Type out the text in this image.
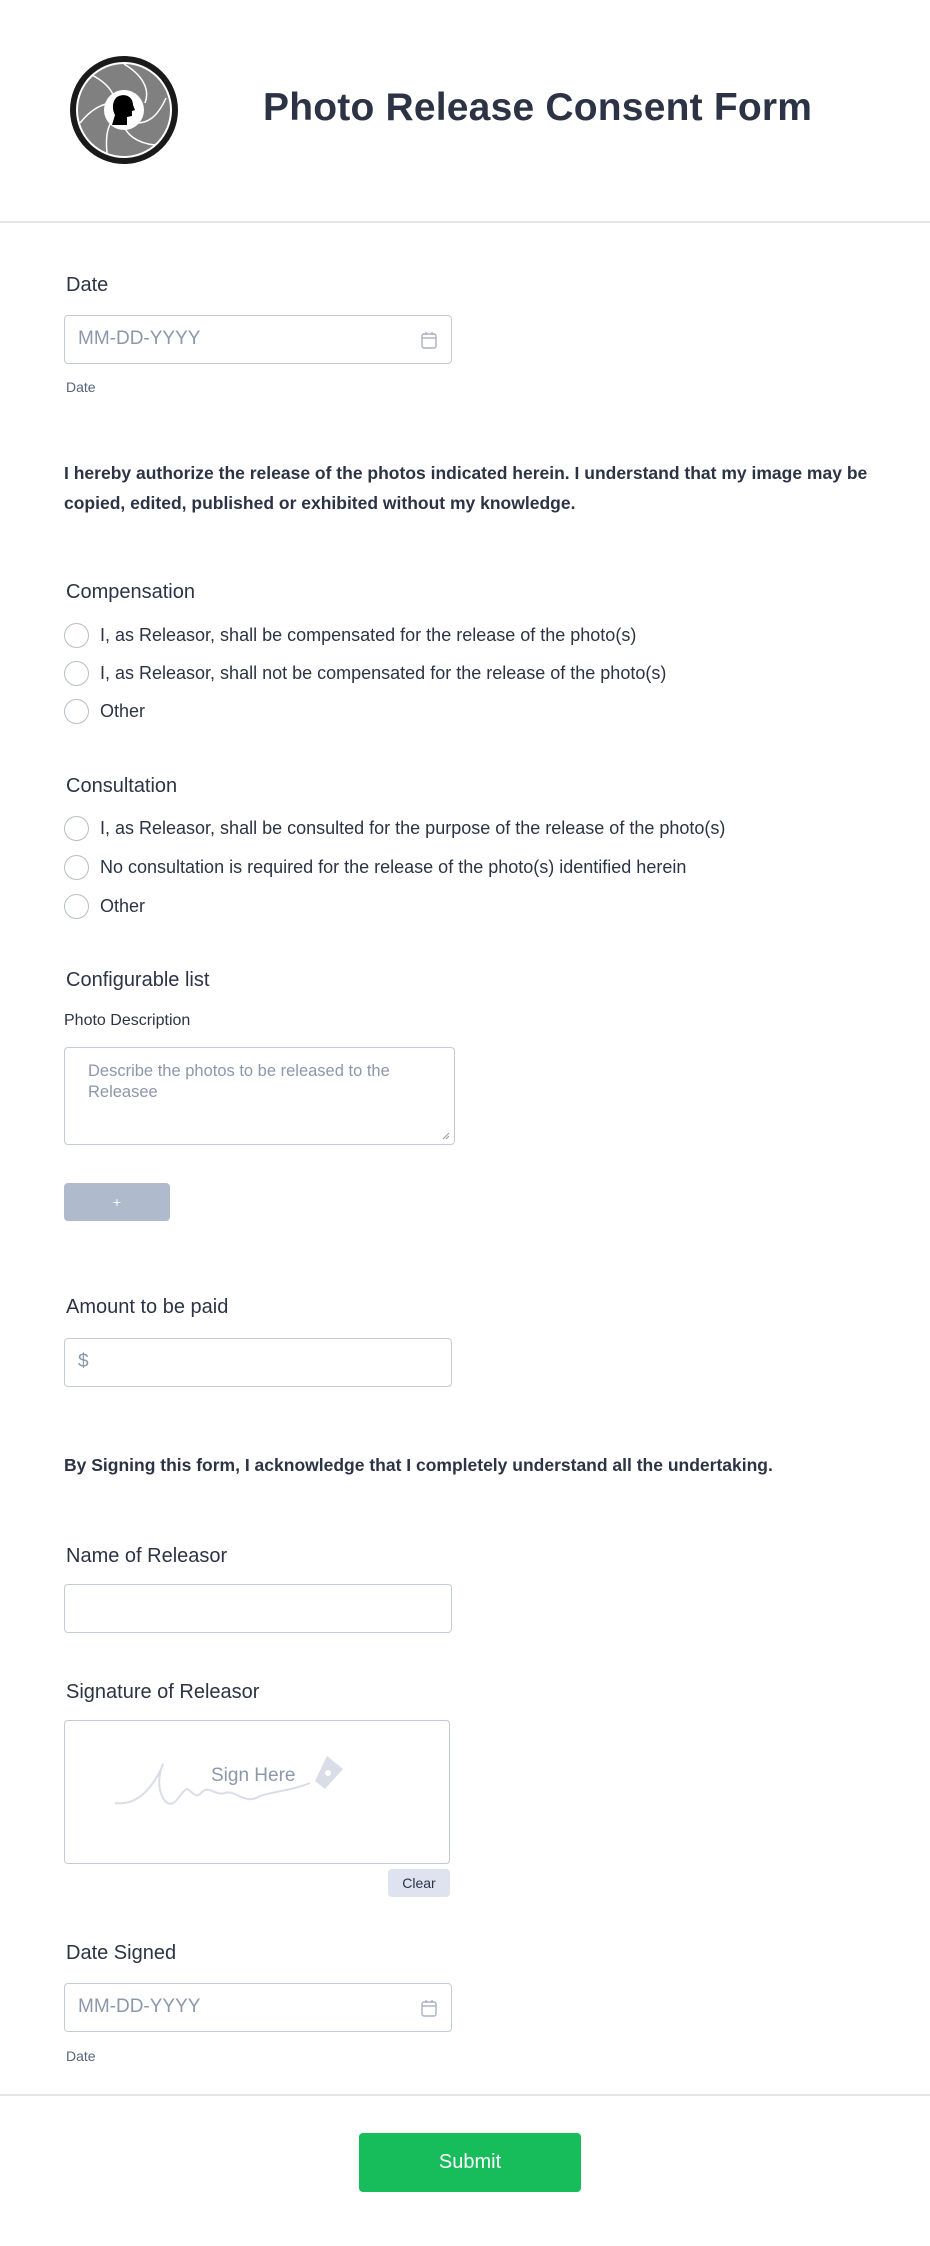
Photo Release Consent Form
Date
MM-DD-YYYY
Date
I hereby authorize the release of the photos indicated herein. I understand that my image may be copied, edited, published or exhibited without my knowledge.
Compensation
I, as Releasor, shall be compensated for the release of the photo(s)
I, as Releasor, shall not be compensated for the release of the photo(s)
Other
Consultation
I, as Releasor, shall be consulted for the purpose of the release of the photo(s)
No consultation is required for the release of the photo(s) identified herein
Other
Configurable list
Photo Description
Describe the photos to be released to the Releasee
+
Amount to be paid
$
By Signing this form, I acknowledge that I completely understand all the undertaking.
Name of Releasor
Signature of Releasor
Sign Here
Clear
Date Signed
MM-DD-YYYY
Date
Submit
